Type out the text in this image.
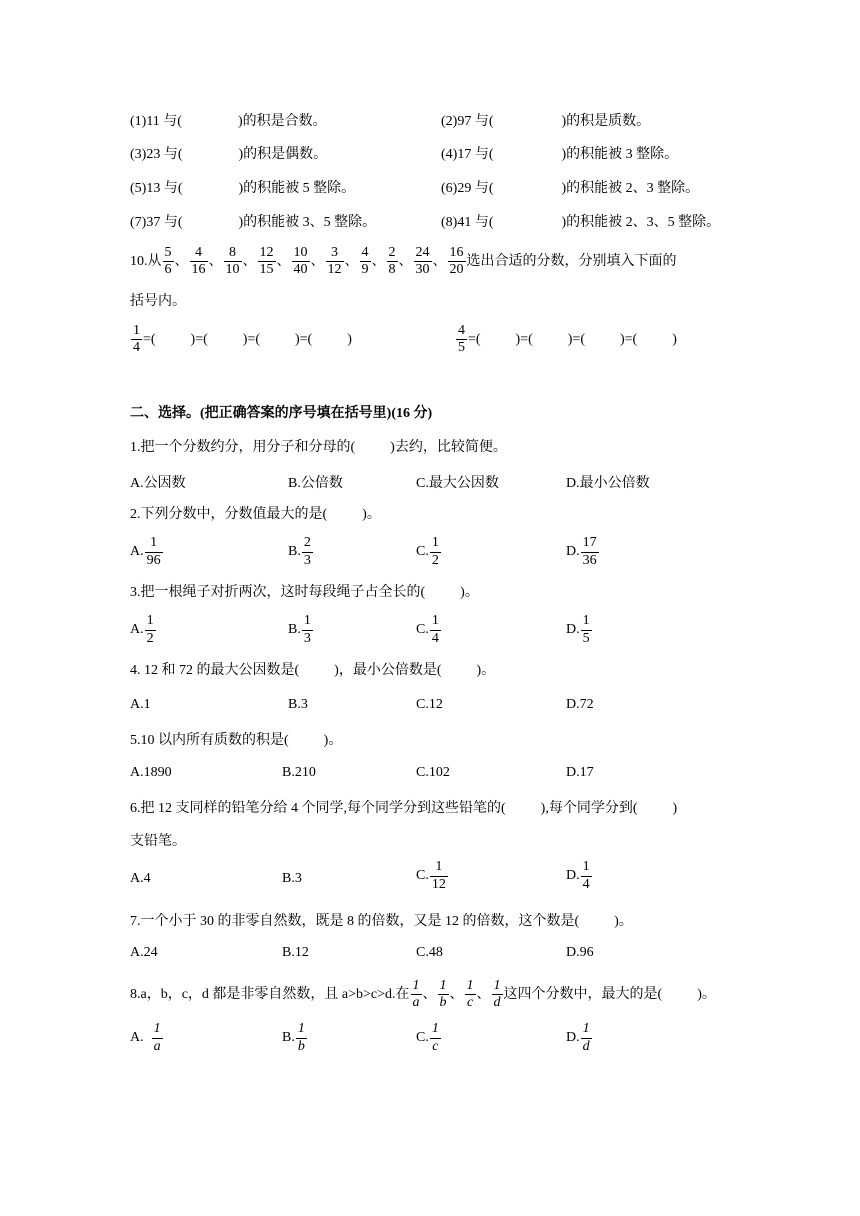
(1)11 与(	)的积是合数。	(2)97 与(	)的积是质数。
(3)23 与(	)的积是偶数。	(4)17 与(	)的积能被 3 整除。
(5)13 与(	)的积能被 5 整除。	(6)29 与(	)的积能被 2、3 整除。
(7)37 与(	)的积能被 3、5 整除。	(8)41 与(	)的积能被 2、3、5 整除。
10.从 $\frac{5}{6}$ 、 $\frac{4}{16}$ 、 $\frac{8}{10}$ 、 $\frac{12}{15}$ 、 $\frac{10}{40}$ 、 $\frac{3}{12}$ 、 $\frac{4}{9}$ 、 $\frac{2}{8}$ 、 $\frac{24}{30}$ 、 $\frac{16}{20}$ 选出合适的分数，分别填入下面的
括号内。
$\frac{1}{4}$ =(          )=(          )=(          )=(          )	$\frac{4}{5}$ =(          )=(          )=(          )=(          )
二、选择。(把正确答案的序号填在括号里)(16 分)
1.把一个分数约分，用分子和分母的(          )去约，比较简便。
A.公因数	B.公倍数	C.最大公因数	D.最小公倍数
2.下列分数中，分数值最大的是(          )。
A. $\frac{1}{96}$	B. $\frac{2}{3}$	C. $\frac{1}{2}$	D. $\frac{17}{36}$
3.把一根绳子对折两次，这时每段绳子占全长的(          )。
A. $\frac{1}{2}$	B. $\frac{1}{3}$	C. $\frac{1}{4}$	D. $\frac{1}{5}$
4. 12 和 72 的最大公因数是(          )，最小公倍数是(          )。
A.1	B.3	C.12	D.72
5.10 以内所有质数的积是(          )。
A.1890	B.210	C.102	D.17
6.把 12 支同样的铅笔分给 4 个同学,每个同学分到这些铅笔的(          ),每个同学分到(          )
支铅笔。
A.4	B.3	C. $\frac{1}{12}$	D. $\frac{1}{4}$
7.一个小于 30 的非零自然数，既是 8 的倍数，又是 12 的倍数，这个数是(          )。
A.24	B.12	C.48	D.96
8.a，b，c，d 都是非零自然数，且 a>b>c>d.在 $\frac{1}{a}$ 、 $\frac{1}{b}$ 、 $\frac{1}{c}$ 、 $\frac{1}{d}$ 这四个分数中，最大的是(          )。
A. $\frac{1}{a}$	B. $\frac{1}{b}$	C. $\frac{1}{c}$	D. $\frac{1}{d}$
